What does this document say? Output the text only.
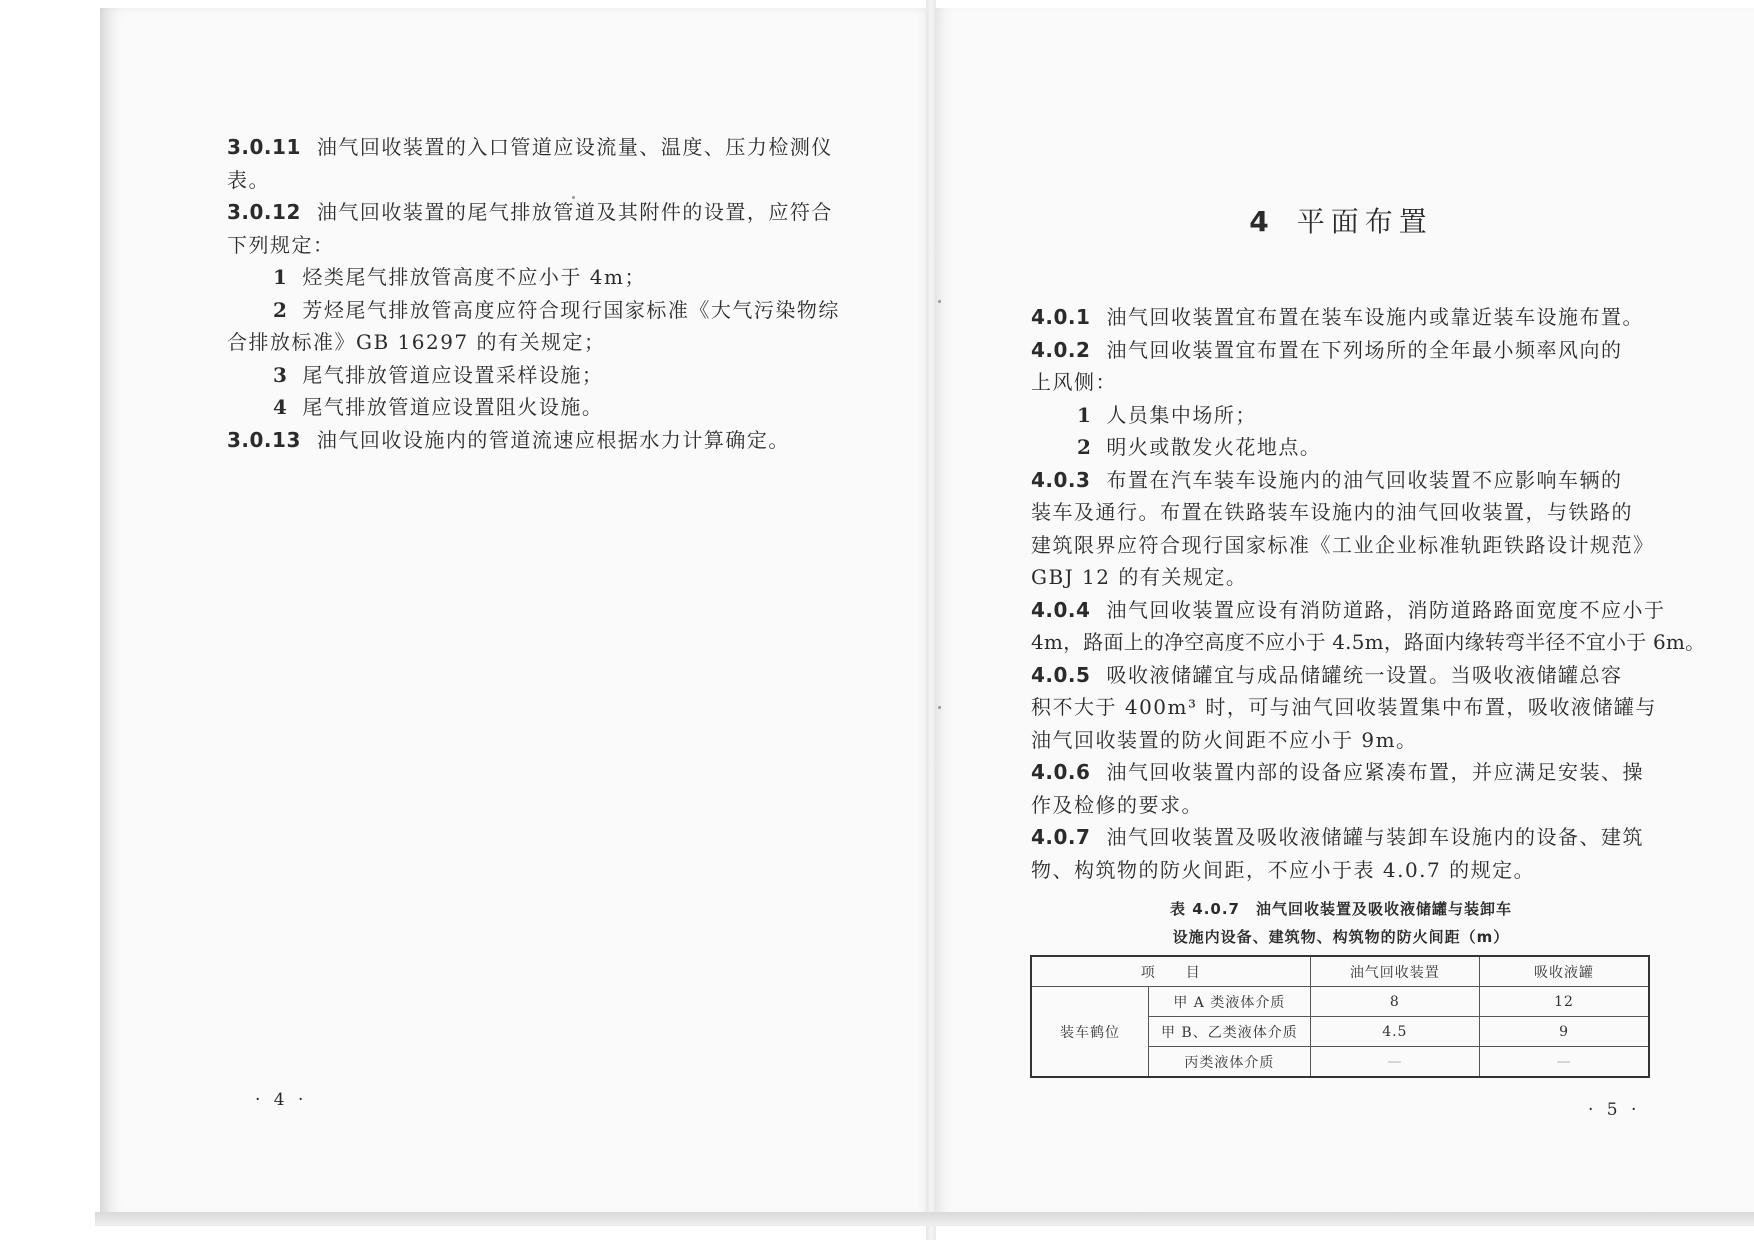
3.0.11 油气回收装置的入口管道应设流量、温度、压力检测仪
表。
3.0.12 油气回收装置的尾气排放管道及其附件的设置，应符合
下列规定：
1 烃类尾气排放管高度不应小于 4m；
2 芳烃尾气排放管高度应符合现行国家标准《大气污染物综
合排放标准》GB 16297 的有关规定；
3 尾气排放管道应设置采样设施；
4 尾气排放管道应设置阻火设施。
3.0.13 油气回收设施内的管道流速应根据水力计算确定。
· 4 ·
4 平面布置
4.0.1 油气回收装置宜布置在装车设施内或靠近装车设施布置。
4.0.2 油气回收装置宜布置在下列场所的全年最小频率风向的
上风侧：
1 人员集中场所；
2 明火或散发火花地点。
4.0.3 布置在汽车装车设施内的油气回收装置不应影响车辆的
装车及通行。布置在铁路装车设施内的油气回收装置，与铁路的
建筑限界应符合现行国家标准《工业企业标准轨距铁路设计规范》
GBJ 12 的有关规定。
4.0.4 油气回收装置应设有消防道路，消防道路路面宽度不应小于
4m，路面上的净空高度不应小于 4.5m，路面内缘转弯半径不宜小于 6m。
4.0.5 吸收液储罐宜与成品储罐统一设置。当吸收液储罐总容
积不大于 400m³ 时，可与油气回收装置集中布置，吸收液储罐与
油气回收装置的防火间距不应小于 9m。
4.0.6 油气回收装置内部的设备应紧凑布置，并应满足安装、操
作及检修的要求。
4.0.7 油气回收装置及吸收液储罐与装卸车设施内的设备、建筑
物、构筑物的防火间距，不应小于表 4.0.7 的规定。
表 4.0.7　油气回收装置及吸收液储罐与装卸车
设施内设备、建筑物、构筑物的防火间距（m）
项　　目		油气回收装置	吸收液罐
装车鹤位	甲 A 类液体介质	8	12
	甲 B、乙类液体介质	4.5	9
	丙类液体介质	—	—
· 5 ·
